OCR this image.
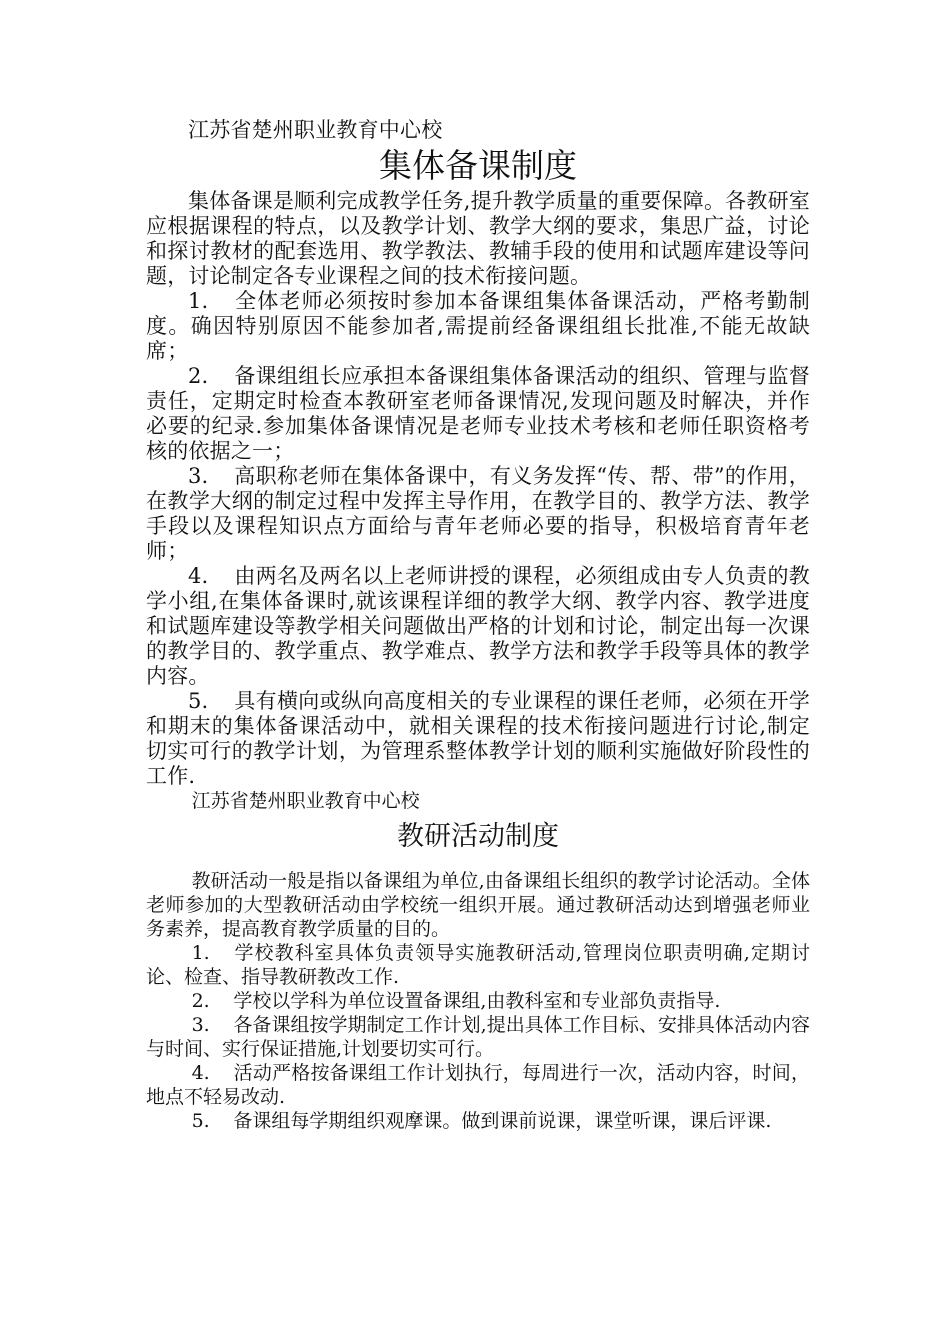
江苏省楚州职业教育中心校

集体备课制度

集体备课是顺利完成教学任务,提升教学质量的重要保障。各教研室应根据课程的特点，以及教学计划、教学大纲的要求，集思广益，讨论和探讨教材的配套选用、教学教法、教辅手段的使用和试题库建设等问题，讨论制定各专业课程之间的技术衔接问题。

1. 全体老师必须按时参加本备课组集体备课活动，严格考勤制度。确因特别原因不能参加者,需提前经备课组组长批准,不能无故缺席；

2. 备课组组长应承担本备课组集体备课活动的组织、管理与监督责任，定期定时检查本教研室老师备课情况,发现问题及时解决，并作必要的纪录.参加集体备课情况是老师专业技术考核和老师任职资格考核的依据之一；

3. 高职称老师在集体备课中，有义务发挥“传、帮、带”的作用，在教学大纲的制定过程中发挥主导作用，在教学目的、教学方法、教学手段以及课程知识点方面给与青年老师必要的指导，积极培育青年老师；

4. 由两名及两名以上老师讲授的课程，必须组成由专人负责的教学小组,在集体备课时,就该课程详细的教学大纲、教学内容、教学进度和试题库建设等教学相关问题做出严格的计划和讨论，制定出每一次课的教学目的、教学重点、教学难点、教学方法和教学手段等具体的教学内容。

5. 具有横向或纵向高度相关的专业课程的课任老师，必须在开学和期末的集体备课活动中，就相关课程的技术衔接问题进行讨论,制定切实可行的教学计划，为管理系整体教学计划的顺利实施做好阶段性的工作.

江苏省楚州职业教育中心校

教研活动制度

教研活动一般是指以备课组为单位,由备课组长组织的教学讨论活动。全体老师参加的大型教研活动由学校统一组织开展。通过教研活动达到增强老师业务素养，提高教育教学质量的目的。

1. 学校教科室具体负责领导实施教研活动,管理岗位职责明确,定期讨论、检查、指导教研教改工作.

2. 学校以学科为单位设置备课组,由教科室和专业部负责指导.

3. 各备课组按学期制定工作计划,提出具体工作目标、安排具体活动内容与时间、实行保证措施,计划要切实可行。

4. 活动严格按备课组工作计划执行，每周进行一次，活动内容，时间，地点不轻易改动.

5. 备课组每学期组织观摩课。做到课前说课，课堂听课，课后评课.
